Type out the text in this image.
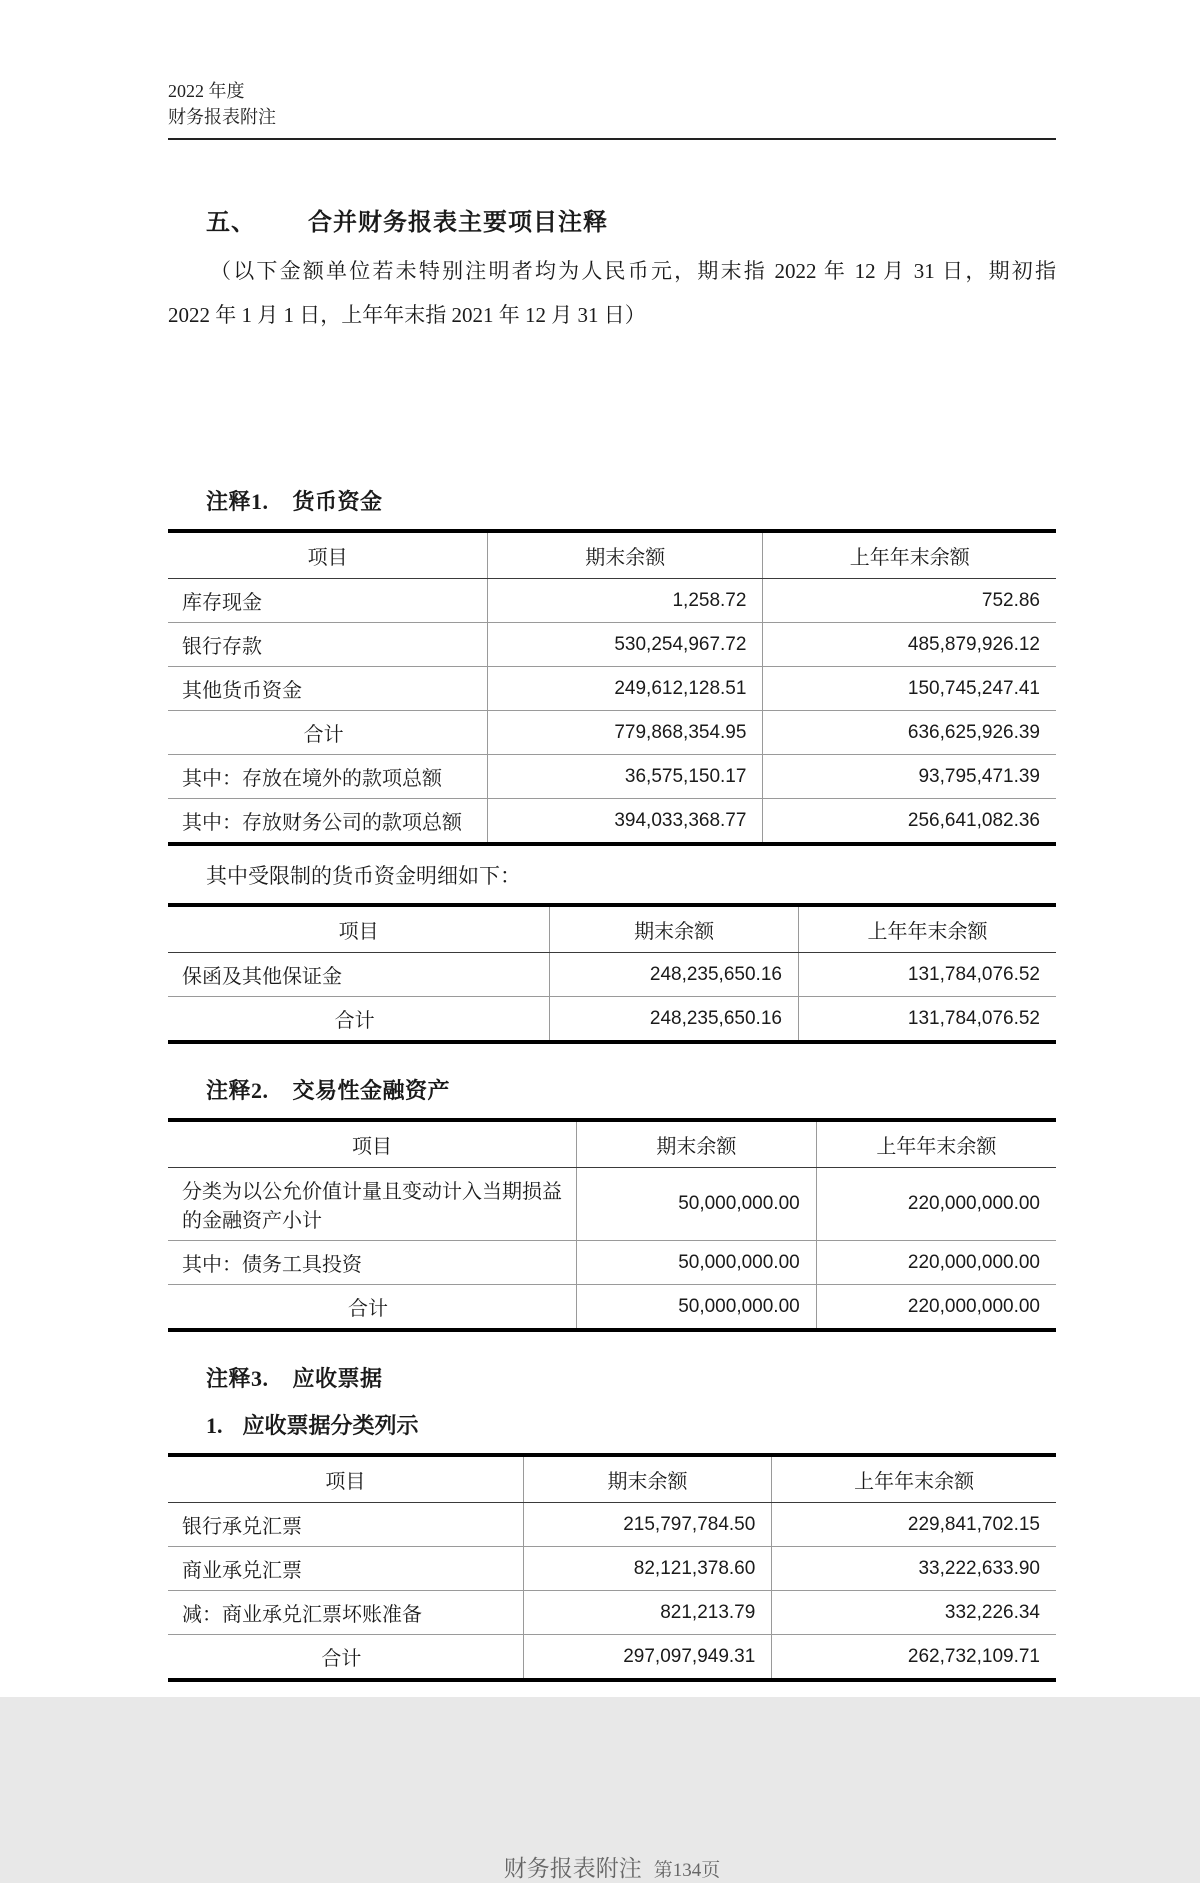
2022 年度
财务报表附注
五、 合并财务报表主要项目注释
（以下金额单位若未特别注明者均为人民币元，期末指 2022 年 12 月 31 日，期初指
2022 年 1 月 1 日，上年年末指 2021 年 12 月 31 日）
注释1. 货币资金
项目	期末余额	上年年末余额
库存现金	1,258.72	752.86
银行存款	530,254,967.72	485,879,926.12
其他货币资金	249,612,128.51	150,745,247.41
合计	779,868,354.95	636,625,926.39
其中：存放在境外的款项总额	36,575,150.17	93,795,471.39
其中：存放财务公司的款项总额	394,033,368.77	256,641,082.36
其中受限制的货币资金明细如下：
项目	期末余额	上年年末余额
保函及其他保证金	248,235,650.16	131,784,076.52
合计	248,235,650.16	131,784,076.52
注释2. 交易性金融资产
项目	期末余额	上年年末余额
分类为以公允价值计量且变动计入当期损益的金融资产小计	50,000,000.00	220,000,000.00
其中：债务工具投资	50,000,000.00	220,000,000.00
合计	50,000,000.00	220,000,000.00
注释3. 应收票据
1. 应收票据分类列示
项目	期末余额	上年年末余额
银行承兑汇票	215,797,784.50	229,841,702.15
商业承兑汇票	82,121,378.60	33,222,633.90
减：商业承兑汇票坏账准备	821,213.79	332,226.34
合计	297,097,949.31	262,732,109.71
财务报表附注 第134页
